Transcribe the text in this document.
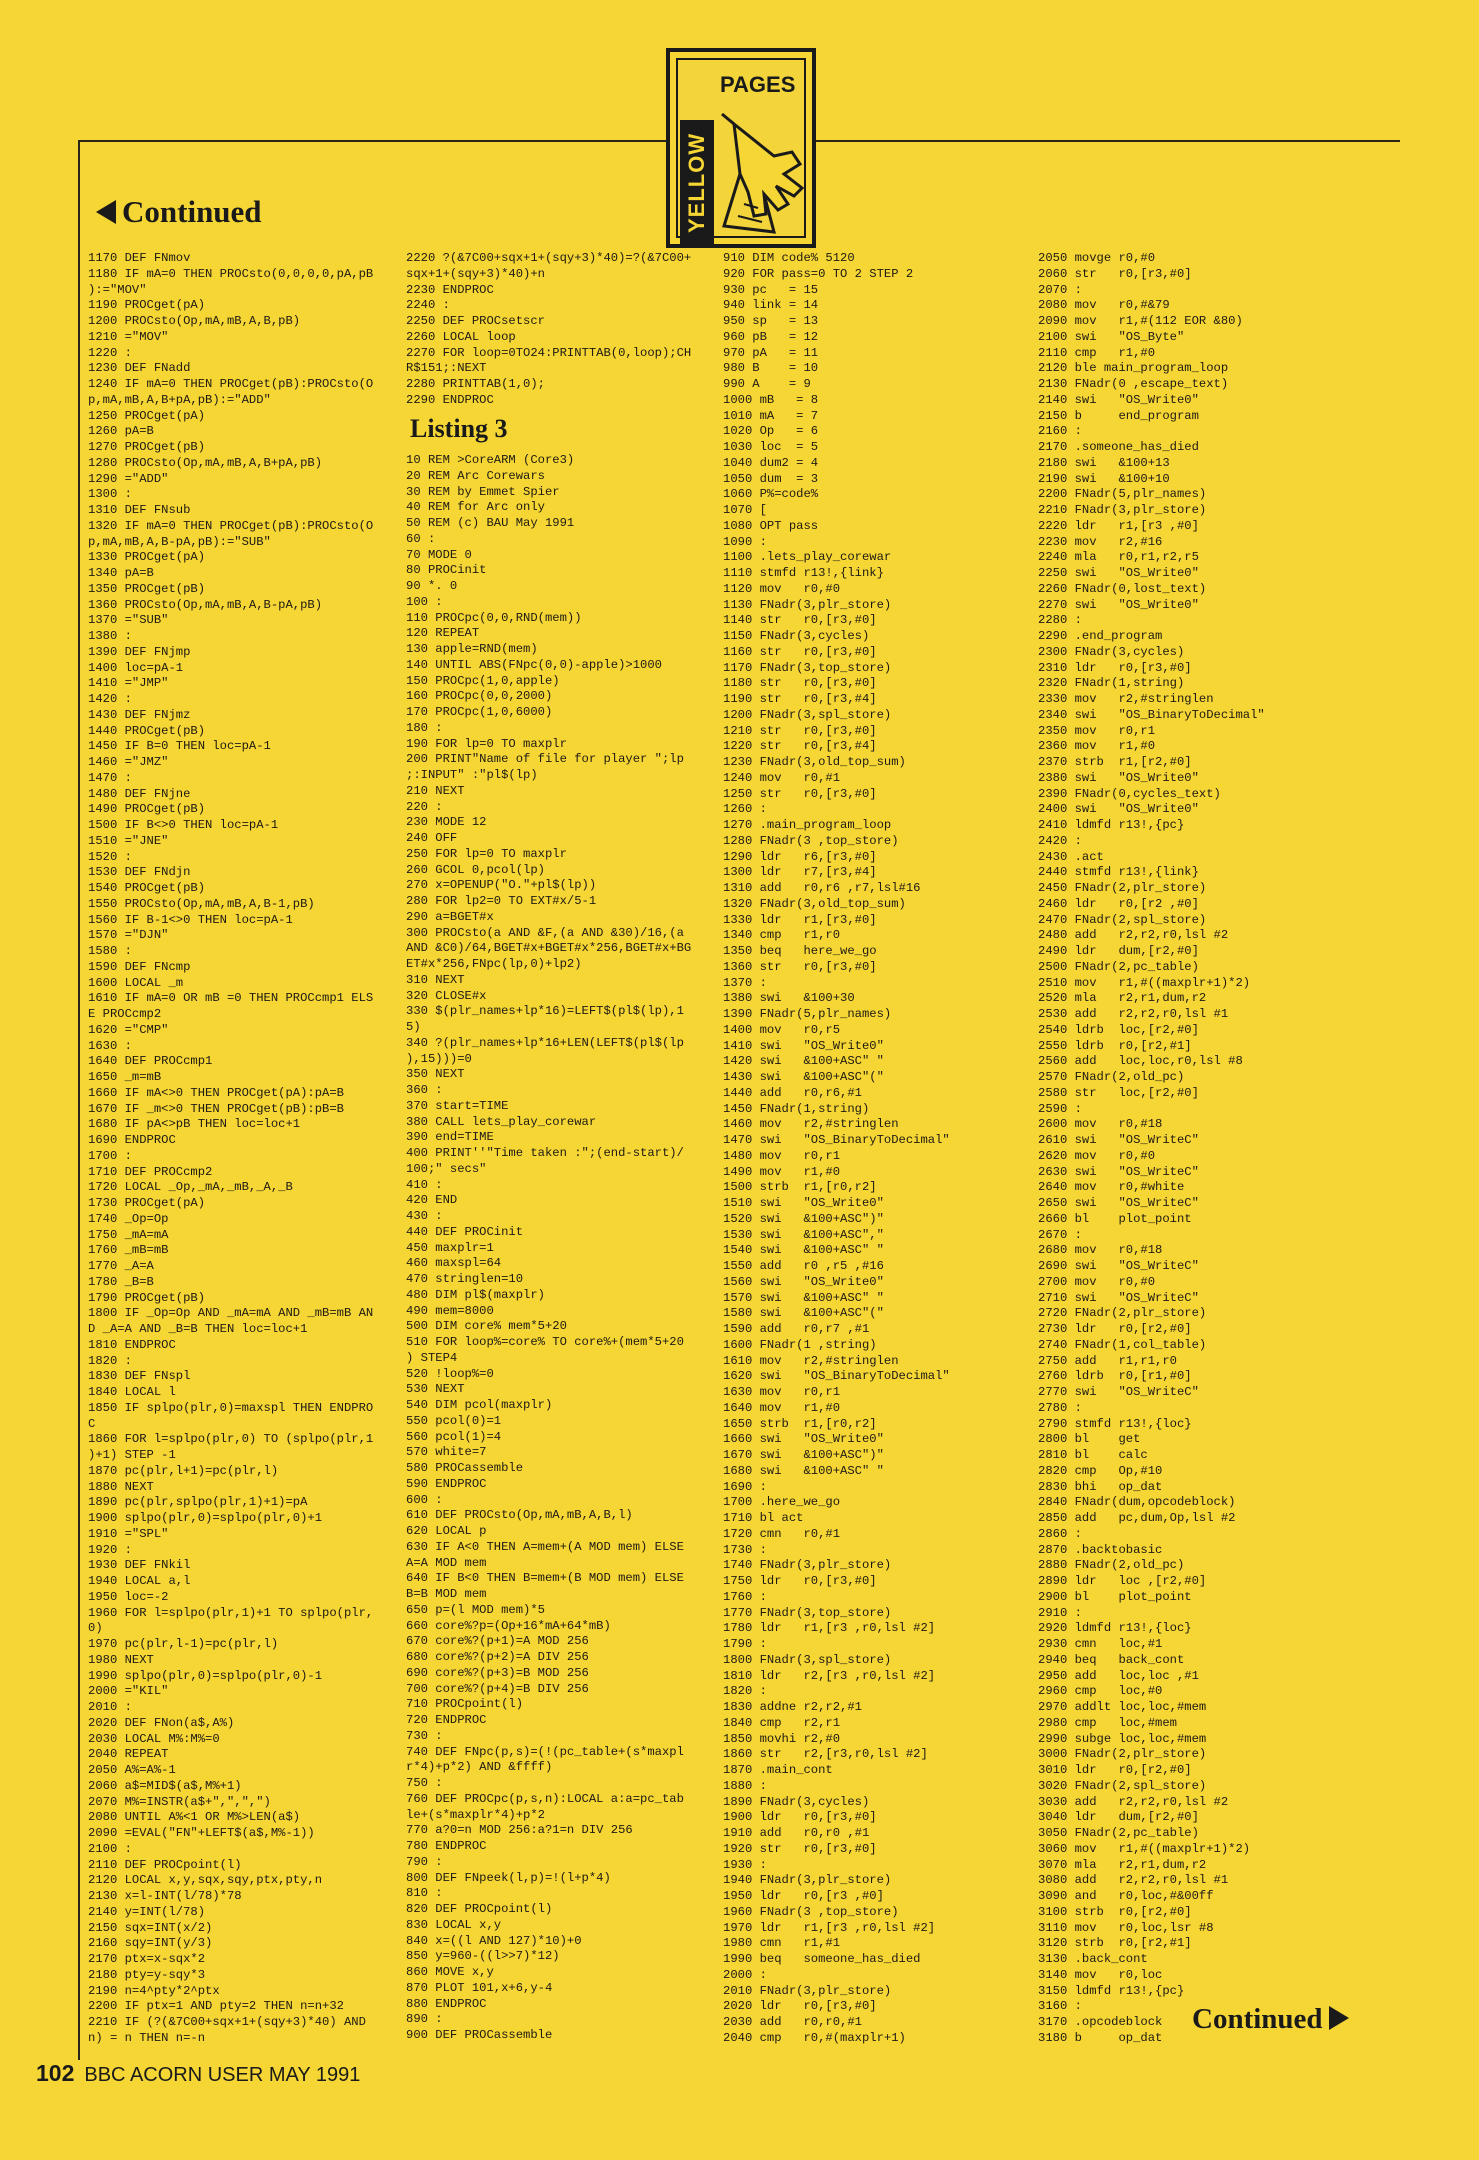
PAGES
YELLOW
Continued
1170 DEF FNmov
1180 IF mA=0 THEN PROCsto(0,0,0,0,pA,pB
):="MOV"
1190 PROCget(pA)
1200 PROCsto(Op,mA,mB,A,B,pB)
1210 ="MOV"
1220 :
1230 DEF FNadd
1240 IF mA=0 THEN PROCget(pB):PROCsto(O
p,mA,mB,A,B+pA,pB):="ADD"
1250 PROCget(pA)
1260 pA=B
1270 PROCget(pB)
1280 PROCsto(Op,mA,mB,A,B+pA,pB)
1290 ="ADD"
1300 :
1310 DEF FNsub
1320 IF mA=0 THEN PROCget(pB):PROCsto(O
p,mA,mB,A,B-pA,pB):="SUB"
1330 PROCget(pA)
1340 pA=B
1350 PROCget(pB)
1360 PROCsto(Op,mA,mB,A,B-pA,pB)
1370 ="SUB"
1380 :
1390 DEF FNjmp
1400 loc=pA-1
1410 ="JMP"
1420 :
1430 DEF FNjmz
1440 PROCget(pB)
1450 IF B=0 THEN loc=pA-1
1460 ="JMZ"
1470 :
1480 DEF FNjne
1490 PROCget(pB)
1500 IF B<>0 THEN loc=pA-1
1510 ="JNE"
1520 :
1530 DEF FNdjn
1540 PROCget(pB)
1550 PROCsto(Op,mA,mB,A,B-1,pB)
1560 IF B-1<>0 THEN loc=pA-1
1570 ="DJN"
1580 :
1590 DEF FNcmp
1600 LOCAL _m
1610 IF mA=0 OR mB =0 THEN PROCcmp1 ELS
E PROCcmp2
1620 ="CMP"
1630 :
1640 DEF PROCcmp1
1650 _m=mB
1660 IF mA<>0 THEN PROCget(pA):pA=B
1670 IF _m<>0 THEN PROCget(pB):pB=B
1680 IF pA<>pB THEN loc=loc+1
1690 ENDPROC
1700 :
1710 DEF PROCcmp2
1720 LOCAL _Op,_mA,_mB,_A,_B
1730 PROCget(pA)
1740 _Op=Op
1750 _mA=mA
1760 _mB=mB
1770 _A=A
1780 _B=B
1790 PROCget(pB)
1800 IF _Op=Op AND _mA=mA AND _mB=mB AN
D _A=A AND _B=B THEN loc=loc+1
1810 ENDPROC
1820 :
1830 DEF FNspl
1840 LOCAL l
1850 IF splpo(plr,0)=maxspl THEN ENDPRO
C
1860 FOR l=splpo(plr,0) TO (splpo(plr,1
)+1) STEP -1
1870 pc(plr,l+1)=pc(plr,l)
1880 NEXT
1890 pc(plr,splpo(plr,1)+1)=pA
1900 splpo(plr,0)=splpo(plr,0)+1
1910 ="SPL"
1920 :
1930 DEF FNkil
1940 LOCAL a,l
1950 loc=-2
1960 FOR l=splpo(plr,1)+1 TO splpo(plr,
0)
1970 pc(plr,l-1)=pc(plr,l)
1980 NEXT
1990 splpo(plr,0)=splpo(plr,0)-1
2000 ="KIL"
2010 :
2020 DEF FNon(a$,A%)
2030 LOCAL M%:M%=0
2040 REPEAT
2050 A%=A%-1
2060 a$=MID$(a$,M%+1)
2070 M%=INSTR(a$+",",",")
2080 UNTIL A%<1 OR M%>LEN(a$)
2090 =EVAL("FN"+LEFT$(a$,M%-1))
2100 :
2110 DEF PROCpoint(l)
2120 LOCAL x,y,sqx,sqy,ptx,pty,n
2130 x=l-INT(l/78)*78
2140 y=INT(l/78)
2150 sqx=INT(x/2)
2160 sqy=INT(y/3)
2170 ptx=x-sqx*2
2180 pty=y-sqy*3
2190 n=4^pty*2^ptx
2200 IF ptx=1 AND pty=2 THEN n=n+32
2210 IF (?(&7C00+sqx+1+(sqy+3)*40) AND
n) = n THEN n=-n
2220 ?(&7C00+sqx+1+(sqy+3)*40)=?(&7C00+
sqx+1+(sqy+3)*40)+n
2230 ENDPROC
2240 :
2250 DEF PROCsetscr
2260 LOCAL loop
2270 FOR loop=0TO24:PRINTTAB(0,loop);CH
R$151;:NEXT
2280 PRINTTAB(1,0);
2290 ENDPROC
Listing 3
10 REM >CoreARM (Core3)
20 REM Arc Corewars
30 REM by Emmet Spier
40 REM for Arc only
50 REM (c) BAU May 1991
60 :
70 MODE 0
80 PROCinit
90 *. 0
100 :
110 PROCpc(0,0,RND(mem))
120 REPEAT
130 apple=RND(mem)
140 UNTIL ABS(FNpc(0,0)-apple)>1000
150 PROCpc(1,0,apple)
160 PROCpc(0,0,2000)
170 PROCpc(1,0,6000)
180 :
190 FOR lp=0 TO maxplr
200 PRINT"Name of file for player ";lp
;:INPUT" :"pl$(lp)
210 NEXT
220 :
230 MODE 12
240 OFF
250 FOR lp=0 TO maxplr
260 GCOL 0,pcol(lp)
270 x=OPENUP("O."+pl$(lp))
280 FOR lp2=0 TO EXT#x/5-1
290 a=BGET#x
300 PROCsto(a AND &F,(a AND &30)/16,(a
AND &C0)/64,BGET#x+BGET#x*256,BGET#x+BG
ET#x*256,FNpc(lp,0)+lp2)
310 NEXT
320 CLOSE#x
330 $(plr_names+lp*16)=LEFT$(pl$(lp),1
5)
340 ?(plr_names+lp*16+LEN(LEFT$(pl$(lp
),15)))=0
350 NEXT
360 :
370 start=TIME
380 CALL lets_play_corewar
390 end=TIME
400 PRINT''"Time taken :";(end-start)/
100;" secs"
410 :
420 END
430 :
440 DEF PROCinit
450 maxplr=1
460 maxspl=64
470 stringlen=10
480 DIM pl$(maxplr)
490 mem=8000
500 DIM core% mem*5+20
510 FOR loop%=core% TO core%+(mem*5+20
) STEP4
520 !loop%=0
530 NEXT
540 DIM pcol(maxplr)
550 pcol(0)=1
560 pcol(1)=4
570 white=7
580 PROCassemble
590 ENDPROC
600 :
610 DEF PROCsto(Op,mA,mB,A,B,l)
620 LOCAL p
630 IF A<0 THEN A=mem+(A MOD mem) ELSE
A=A MOD mem
640 IF B<0 THEN B=mem+(B MOD mem) ELSE
B=B MOD mem
650 p=(l MOD mem)*5
660 core%?p=(Op+16*mA+64*mB)
670 core%?(p+1)=A MOD 256
680 core%?(p+2)=A DIV 256
690 core%?(p+3)=B MOD 256
700 core%?(p+4)=B DIV 256
710 PROCpoint(l)
720 ENDPROC
730 :
740 DEF FNpc(p,s)=(!(pc_table+(s*maxpl
r*4)+p*2) AND &ffff)
750 :
760 DEF PROCpc(p,s,n):LOCAL a:a=pc_tab
le+(s*maxplr*4)+p*2
770 a?0=n MOD 256:a?1=n DIV 256
780 ENDPROC
790 :
800 DEF FNpeek(l,p)=!(l+p*4)
810 :
820 DEF PROCpoint(l)
830 LOCAL x,y
840 x=((l AND 127)*10)+0
850 y=960-((l>>7)*12)
860 MOVE x,y
870 PLOT 101,x+6,y-4
880 ENDPROC
890 :
900 DEF PROCassemble
910 DIM code% 5120
920 FOR pass=0 TO 2 STEP 2
930 pc   = 15
940 link = 14
950 sp   = 13
960 pB   = 12
970 pA   = 11
980 B    = 10
990 A    = 9
1000 mB   = 8
1010 mA   = 7
1020 Op   = 6
1030 loc  = 5
1040 dum2 = 4
1050 dum  = 3
1060 P%=code%
1070 [
1080 OPT pass
1090 :
1100 .lets_play_corewar
1110 stmfd r13!,{link}
1120 mov   r0,#0
1130 FNadr(3,plr_store)
1140 str   r0,[r3,#0]
1150 FNadr(3,cycles)
1160 str   r0,[r3,#0]
1170 FNadr(3,top_store)
1180 str   r0,[r3,#0]
1190 str   r0,[r3,#4]
1200 FNadr(3,spl_store)
1210 str   r0,[r3,#0]
1220 str   r0,[r3,#4]
1230 FNadr(3,old_top_sum)
1240 mov   r0,#1
1250 str   r0,[r3,#0]
1260 :
1270 .main_program_loop
1280 FNadr(3 ,top_store)
1290 ldr   r6,[r3,#0]
1300 ldr   r7,[r3,#4]
1310 add   r0,r6 ,r7,lsl#16
1320 FNadr(3,old_top_sum)
1330 ldr   r1,[r3,#0]
1340 cmp   r1,r0
1350 beq   here_we_go
1360 str   r0,[r3,#0]
1370 :
1380 swi   &100+30
1390 FNadr(5,plr_names)
1400 mov   r0,r5
1410 swi   "OS_Write0"
1420 swi   &100+ASC" "
1430 swi   &100+ASC"("
1440 add   r0,r6,#1
1450 FNadr(1,string)
1460 mov   r2,#stringlen
1470 swi   "OS_BinaryToDecimal"
1480 mov   r0,r1
1490 mov   r1,#0
1500 strb  r1,[r0,r2]
1510 swi   "OS_Write0"
1520 swi   &100+ASC")"
1530 swi   &100+ASC","
1540 swi   &100+ASC" "
1550 add   r0 ,r5 ,#16
1560 swi   "OS_Write0"
1570 swi   &100+ASC" "
1580 swi   &100+ASC"("
1590 add   r0,r7 ,#1
1600 FNadr(1 ,string)
1610 mov   r2,#stringlen
1620 swi   "OS_BinaryToDecimal"
1630 mov   r0,r1
1640 mov   r1,#0
1650 strb  r1,[r0,r2]
1660 swi   "OS_Write0"
1670 swi   &100+ASC")"
1680 swi   &100+ASC" "
1690 :
1700 .here_we_go
1710 bl act
1720 cmn   r0,#1
1730 :
1740 FNadr(3,plr_store)
1750 ldr   r0,[r3,#0]
1760 :
1770 FNadr(3,top_store)
1780 ldr   r1,[r3 ,r0,lsl #2]
1790 :
1800 FNadr(3,spl_store)
1810 ldr   r2,[r3 ,r0,lsl #2]
1820 :
1830 addne r2,r2,#1
1840 cmp   r2,r1
1850 movhi r2,#0
1860 str   r2,[r3,r0,lsl #2]
1870 .main_cont
1880 :
1890 FNadr(3,cycles)
1900 ldr   r0,[r3,#0]
1910 add   r0,r0 ,#1
1920 str   r0,[r3,#0]
1930 :
1940 FNadr(3,plr_store)
1950 ldr   r0,[r3 ,#0]
1960 FNadr(3 ,top_store)
1970 ldr   r1,[r3 ,r0,lsl #2]
1980 cmn   r1,#1
1990 beq   someone_has_died
2000 :
2010 FNadr(3,plr_store)
2020 ldr   r0,[r3,#0]
2030 add   r0,r0,#1
2040 cmp   r0,#(maxplr+1)
2050 movge r0,#0
2060 str   r0,[r3,#0]
2070 :
2080 mov   r0,#&79
2090 mov   r1,#(112 EOR &80)
2100 swi   "OS_Byte"
2110 cmp   r1,#0
2120 ble main_program_loop
2130 FNadr(0 ,escape_text)
2140 swi   "OS_Write0"
2150 b     end_program
2160 :
2170 .someone_has_died
2180 swi   &100+13
2190 swi   &100+10
2200 FNadr(5,plr_names)
2210 FNadr(3,plr_store)
2220 ldr   r1,[r3 ,#0]
2230 mov   r2,#16
2240 mla   r0,r1,r2,r5
2250 swi   "OS_Write0"
2260 FNadr(0,lost_text)
2270 swi   "OS_Write0"
2280 :
2290 .end_program
2300 FNadr(3,cycles)
2310 ldr   r0,[r3,#0]
2320 FNadr(1,string)
2330 mov   r2,#stringlen
2340 swi   "OS_BinaryToDecimal"
2350 mov   r0,r1
2360 mov   r1,#0
2370 strb  r1,[r2,#0]
2380 swi   "OS_Write0"
2390 FNadr(0,cycles_text)
2400 swi   "OS_Write0"
2410 ldmfd r13!,{pc}
2420 :
2430 .act
2440 stmfd r13!,{link}
2450 FNadr(2,plr_store)
2460 ldr   r0,[r2 ,#0]
2470 FNadr(2,spl_store)
2480 add   r2,r2,r0,lsl #2
2490 ldr   dum,[r2,#0]
2500 FNadr(2,pc_table)
2510 mov   r1,#((maxplr+1)*2)
2520 mla   r2,r1,dum,r2
2530 add   r2,r2,r0,lsl #1
2540 ldrb  loc,[r2,#0]
2550 ldrb  r0,[r2,#1]
2560 add   loc,loc,r0,lsl #8
2570 FNadr(2,old_pc)
2580 str   loc,[r2,#0]
2590 :
2600 mov   r0,#18
2610 swi   "OS_WriteC"
2620 mov   r0,#0
2630 swi   "OS_WriteC"
2640 mov   r0,#white
2650 swi   "OS_WriteC"
2660 bl    plot_point
2670 :
2680 mov   r0,#18
2690 swi   "OS_WriteC"
2700 mov   r0,#0
2710 swi   "OS_WriteC"
2720 FNadr(2,plr_store)
2730 ldr   r0,[r2,#0]
2740 FNadr(1,col_table)
2750 add   r1,r1,r0
2760 ldrb  r0,[r1,#0]
2770 swi   "OS_WriteC"
2780 :
2790 stmfd r13!,{loc}
2800 bl    get
2810 bl    calc
2820 cmp   Op,#10
2830 bhi   op_dat
2840 FNadr(dum,opcodeblock)
2850 add   pc,dum,Op,lsl #2
2860 :
2870 .backtobasic
2880 FNadr(2,old_pc)
2890 ldr   loc ,[r2,#0]
2900 bl    plot_point
2910 :
2920 ldmfd r13!,{loc}
2930 cmn   loc,#1
2940 beq   back_cont
2950 add   loc,loc ,#1
2960 cmp   loc,#0
2970 addlt loc,loc,#mem
2980 cmp   loc,#mem
2990 subge loc,loc,#mem
3000 FNadr(2,plr_store)
3010 ldr   r0,[r2,#0]
3020 FNadr(2,spl_store)
3030 add   r2,r2,r0,lsl #2
3040 ldr   dum,[r2,#0]
3050 FNadr(2,pc_table)
3060 mov   r1,#((maxplr+1)*2)
3070 mla   r2,r1,dum,r2
3080 add   r2,r2,r0,lsl #1
3090 and   r0,loc,#&00ff
3100 strb  r0,[r2,#0]
3110 mov   r0,loc,lsr #8
3120 strb  r0,[r2,#1]
3130 .back_cont
3140 mov   r0,loc
3150 ldmfd r13!,{pc}
3160 :
3170 .opcodeblock
3180 b     op_dat
Continued
102 BBC ACORN USER MAY 1991
